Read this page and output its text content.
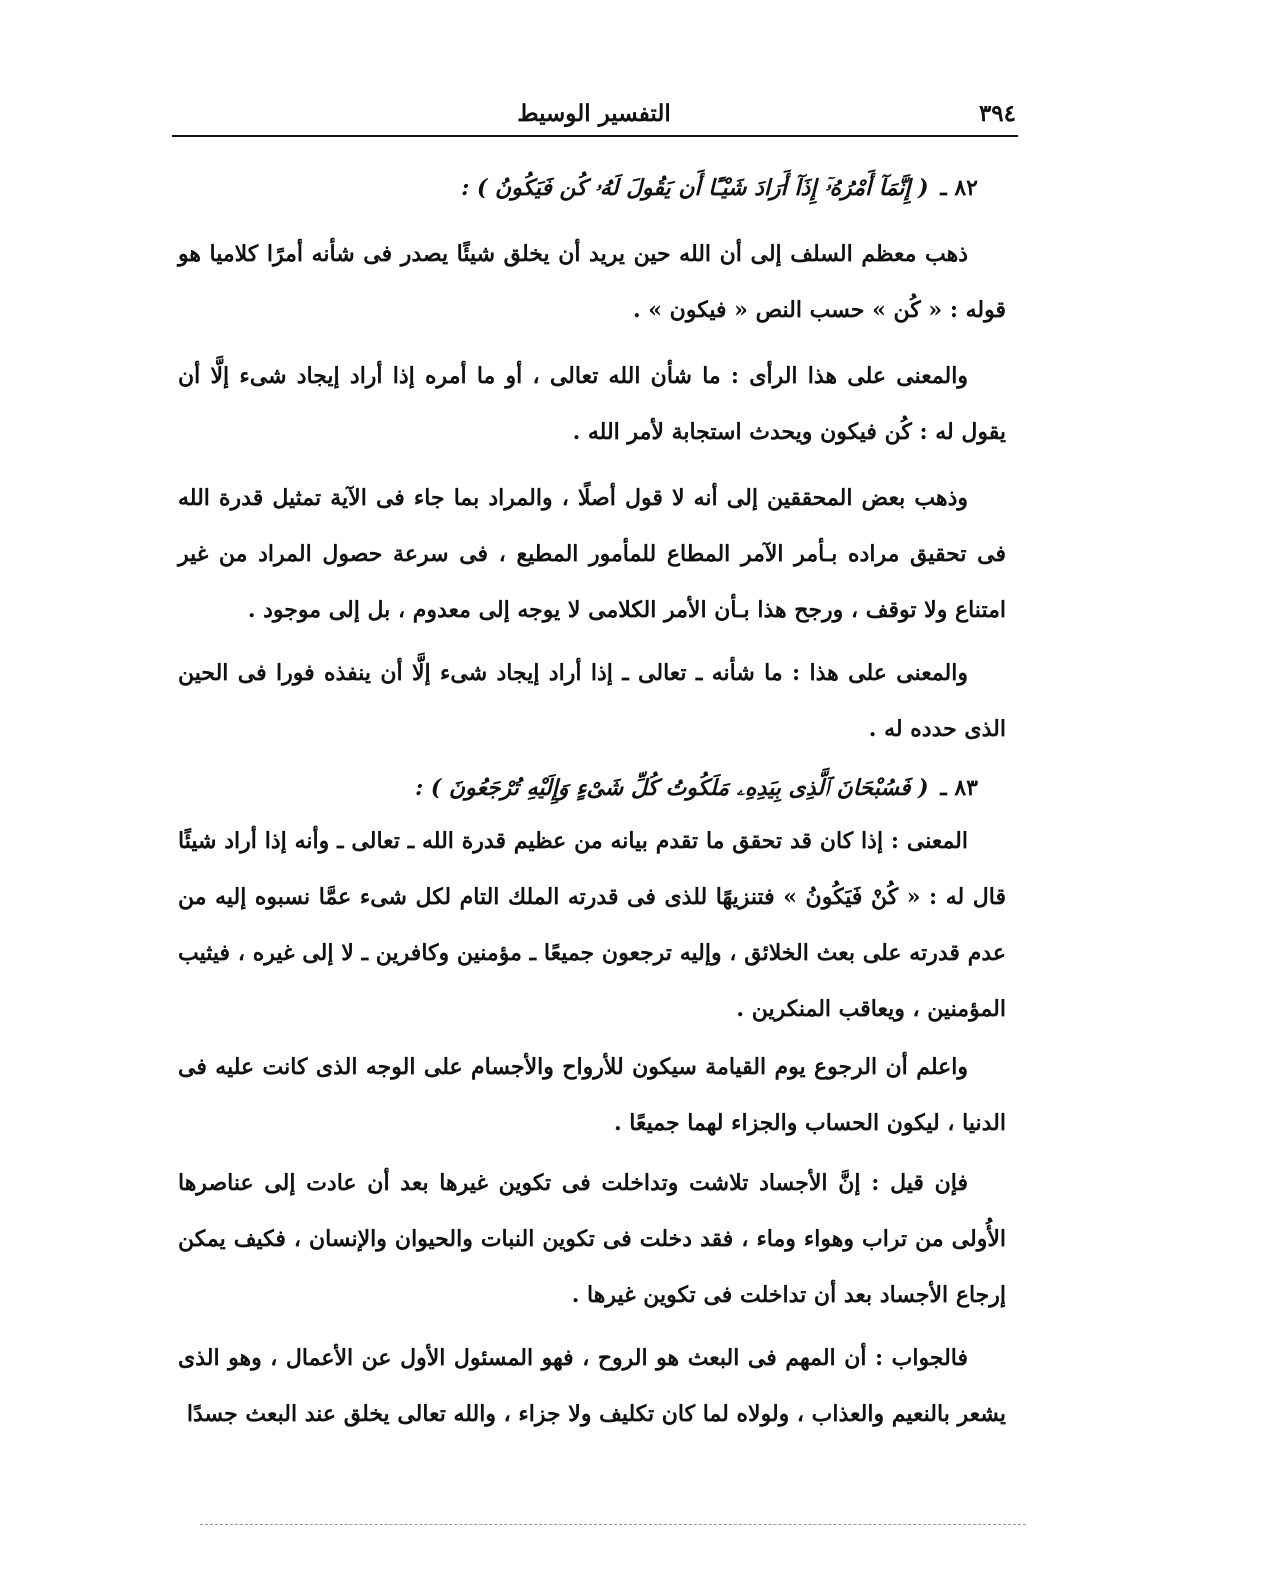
٣٩٤
التفسير الوسيط
٨٢ ـ ( إِنَّمَآ أَمْرُهُۥٓ إِذَآ أَرَادَ شَيْـًٔا أَن يَقُولَ لَهُۥ كُن فَيَكُونُ ) :
ذهب معظم السلف إلى أن الله حين يريد أن يخلق شيئًا يصدر فى شأنه أمرًا كلاميا هو قوله : « كُن » حسب النص « فيكون » .
والمعنى على هذا الرأى : ما شأن الله تعالى ، أو ما أمره إذا أراد إيجاد شىء إلَّا أن يقول له : كُن فيكون ويحدث استجابة لأمر الله .
وذهب بعض المحققين إلى أنه لا قول أصلًا ، والمراد بما جاء فى الآية تمثيل قدرة الله فى تحقيق مراده بـأمر الآمر المطاع للمأمور المطيع ، فى سرعة حصول المراد من غير امتناع ولا توقف ، ورجح هذا بـأن الأمر الكلامى لا يوجه إلى معدوم ، بل إلى موجود .
والمعنى على هذا : ما شأنه ـ تعالى ـ إذا أراد إيجاد شىء إلَّا أن ينفذه فورا فى الحين الذى حدده له .
٨٣ ـ ( فَسُبْحَانَ ٱلَّذِى بِيَدِهِۦ مَلَكُوتُ كُلِّ شَىْءٍ وَإِلَيْهِ تُرْجَعُونَ ) :
المعنى : إذا كان قد تحقق ما تقدم بيانه من عظيم قدرة الله ـ تعالى ـ وأنه إذا أراد شيئًا قال له : « كُنْ فَيَكُونُ » فتنزيهًا للذى فى قدرته الملك التام لكل شىء عمَّا نسبوه إليه من عدم قدرته على بعث الخلائق ، وإليه ترجعون جميعًا ـ مؤمنين وكافرين ـ لا إلى غيره ، فيثيب المؤمنين ، ويعاقب المنكرين .
واعلم أن الرجوع يوم القيامة سيكون للأرواح والأجسام على الوجه الذى كانت عليه فى الدنيا ، ليكون الحساب والجزاء لهما جميعًا .
فإن قيل : إنَّ الأجساد تلاشت وتداخلت فى تكوين غيرها بعد أن عادت إلى عناصرها الأُولى من تراب وهواء وماء ، فقد دخلت فى تكوين النبات والحيوان والإنسان ، فكيف يمكن إرجاع الأجساد بعد أن تداخلت فى تكوين غيرها .
فالجواب : أن المهم فى البعث هو الروح ، فهو المسئول الأول عن الأعمال ، وهو الذى يشعر بالنعيم والعذاب ، ولولاه لما كان تكليف ولا جزاء ، والله تعالى يخلق عند البعث جسدًا
